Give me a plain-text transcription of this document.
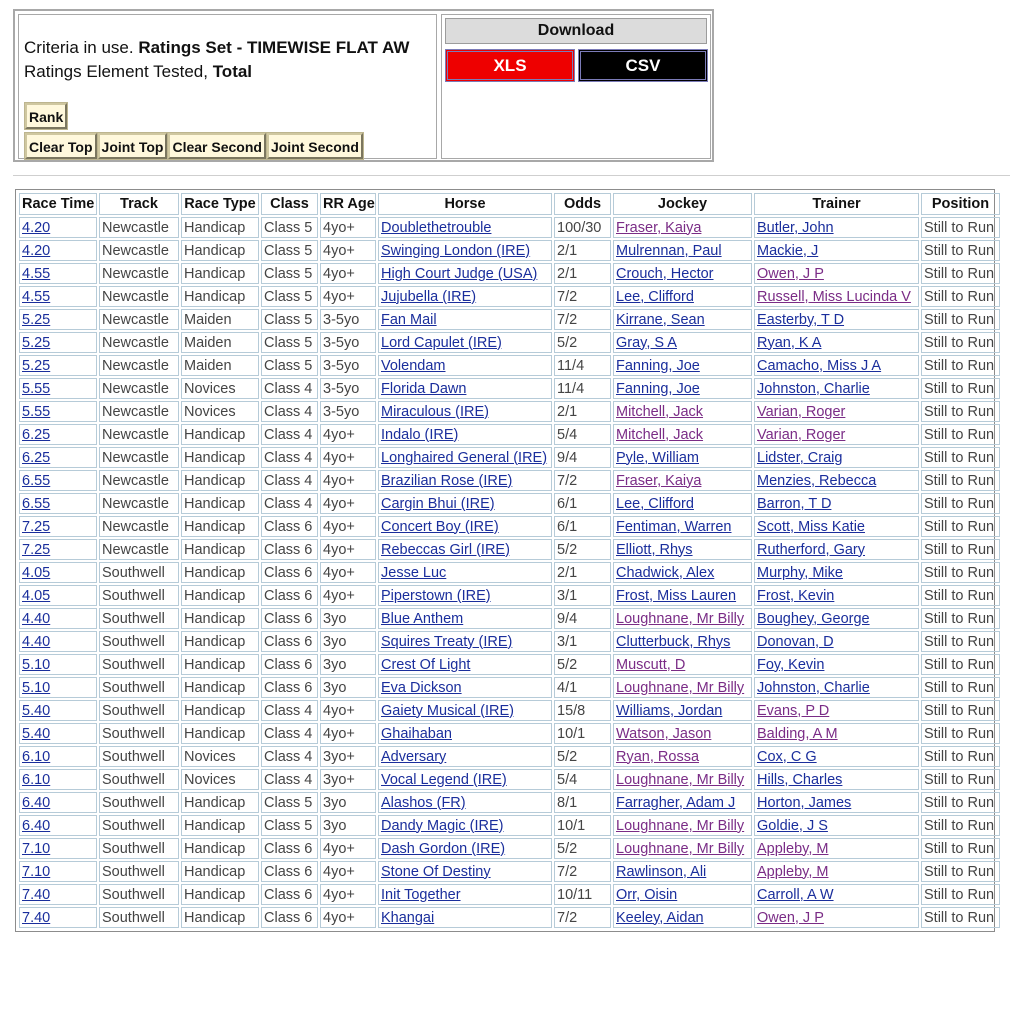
Criteria in use. Ratings Set - TIMEWISE FLAT AW
Ratings Element Tested, Total
Rank
Clear Top Joint Top Clear Second Joint Second
Download
XLS	CSV
Race Time	Track	Race Type	Class	RR Age	Horse	Odds	Jockey	Trainer	Position
4.20	Newcastle	Handicap	Class 5	4yo+	Doublethetrouble	100/30	Fraser, Kaiya	Butler, John	Still to Run
4.20	Newcastle	Handicap	Class 5	4yo+	Swinging London (IRE)	2/1	Mulrennan, Paul	Mackie, J	Still to Run
4.55	Newcastle	Handicap	Class 5	4yo+	High Court Judge (USA)	2/1	Crouch, Hector	Owen, J P	Still to Run
4.55	Newcastle	Handicap	Class 5	4yo+	Jujubella (IRE)	7/2	Lee, Clifford	Russell, Miss Lucinda V	Still to Run
5.25	Newcastle	Maiden	Class 5	3-5yo	Fan Mail	7/2	Kirrane, Sean	Easterby, T D	Still to Run
5.25	Newcastle	Maiden	Class 5	3-5yo	Lord Capulet (IRE)	5/2	Gray, S A	Ryan, K A	Still to Run
5.25	Newcastle	Maiden	Class 5	3-5yo	Volendam	11/4	Fanning, Joe	Camacho, Miss J A	Still to Run
5.55	Newcastle	Novices	Class 4	3-5yo	Florida Dawn	11/4	Fanning, Joe	Johnston, Charlie	Still to Run
5.55	Newcastle	Novices	Class 4	3-5yo	Miraculous (IRE)	2/1	Mitchell, Jack	Varian, Roger	Still to Run
6.25	Newcastle	Handicap	Class 4	4yo+	Indalo (IRE)	5/4	Mitchell, Jack	Varian, Roger	Still to Run
6.25	Newcastle	Handicap	Class 4	4yo+	Longhaired General (IRE)	9/4	Pyle, William	Lidster, Craig	Still to Run
6.55	Newcastle	Handicap	Class 4	4yo+	Brazilian Rose (IRE)	7/2	Fraser, Kaiya	Menzies, Rebecca	Still to Run
6.55	Newcastle	Handicap	Class 4	4yo+	Cargin Bhui (IRE)	6/1	Lee, Clifford	Barron, T D	Still to Run
7.25	Newcastle	Handicap	Class 6	4yo+	Concert Boy (IRE)	6/1	Fentiman, Warren	Scott, Miss Katie	Still to Run
7.25	Newcastle	Handicap	Class 6	4yo+	Rebeccas Girl (IRE)	5/2	Elliott, Rhys	Rutherford, Gary	Still to Run
4.05	Southwell	Handicap	Class 6	4yo+	Jesse Luc	2/1	Chadwick, Alex	Murphy, Mike	Still to Run
4.05	Southwell	Handicap	Class 6	4yo+	Piperstown (IRE)	3/1	Frost, Miss Lauren	Frost, Kevin	Still to Run
4.40	Southwell	Handicap	Class 6	3yo	Blue Anthem	9/4	Loughnane, Mr Billy	Boughey, George	Still to Run
4.40	Southwell	Handicap	Class 6	3yo	Squires Treaty (IRE)	3/1	Clutterbuck, Rhys	Donovan, D	Still to Run
5.10	Southwell	Handicap	Class 6	3yo	Crest Of Light	5/2	Muscutt, D	Foy, Kevin	Still to Run
5.10	Southwell	Handicap	Class 6	3yo	Eva Dickson	4/1	Loughnane, Mr Billy	Johnston, Charlie	Still to Run
5.40	Southwell	Handicap	Class 4	4yo+	Gaiety Musical (IRE)	15/8	Williams, Jordan	Evans, P D	Still to Run
5.40	Southwell	Handicap	Class 4	4yo+	Ghaihaban	10/1	Watson, Jason	Balding, A M	Still to Run
6.10	Southwell	Novices	Class 4	3yo+	Adversary	5/2	Ryan, Rossa	Cox, C G	Still to Run
6.10	Southwell	Novices	Class 4	3yo+	Vocal Legend (IRE)	5/4	Loughnane, Mr Billy	Hills, Charles	Still to Run
6.40	Southwell	Handicap	Class 5	3yo	Alashos (FR)	8/1	Farragher, Adam J	Horton, James	Still to Run
6.40	Southwell	Handicap	Class 5	3yo	Dandy Magic (IRE)	10/1	Loughnane, Mr Billy	Goldie, J S	Still to Run
7.10	Southwell	Handicap	Class 6	4yo+	Dash Gordon (IRE)	5/2	Loughnane, Mr Billy	Appleby, M	Still to Run
7.10	Southwell	Handicap	Class 6	4yo+	Stone Of Destiny	7/2	Rawlinson, Ali	Appleby, M	Still to Run
7.40	Southwell	Handicap	Class 6	4yo+	Init Together	10/11	Orr, Oisin	Carroll, A W	Still to Run
7.40	Southwell	Handicap	Class 6	4yo+	Khangai	7/2	Keeley, Aidan	Owen, J P	Still to Run
